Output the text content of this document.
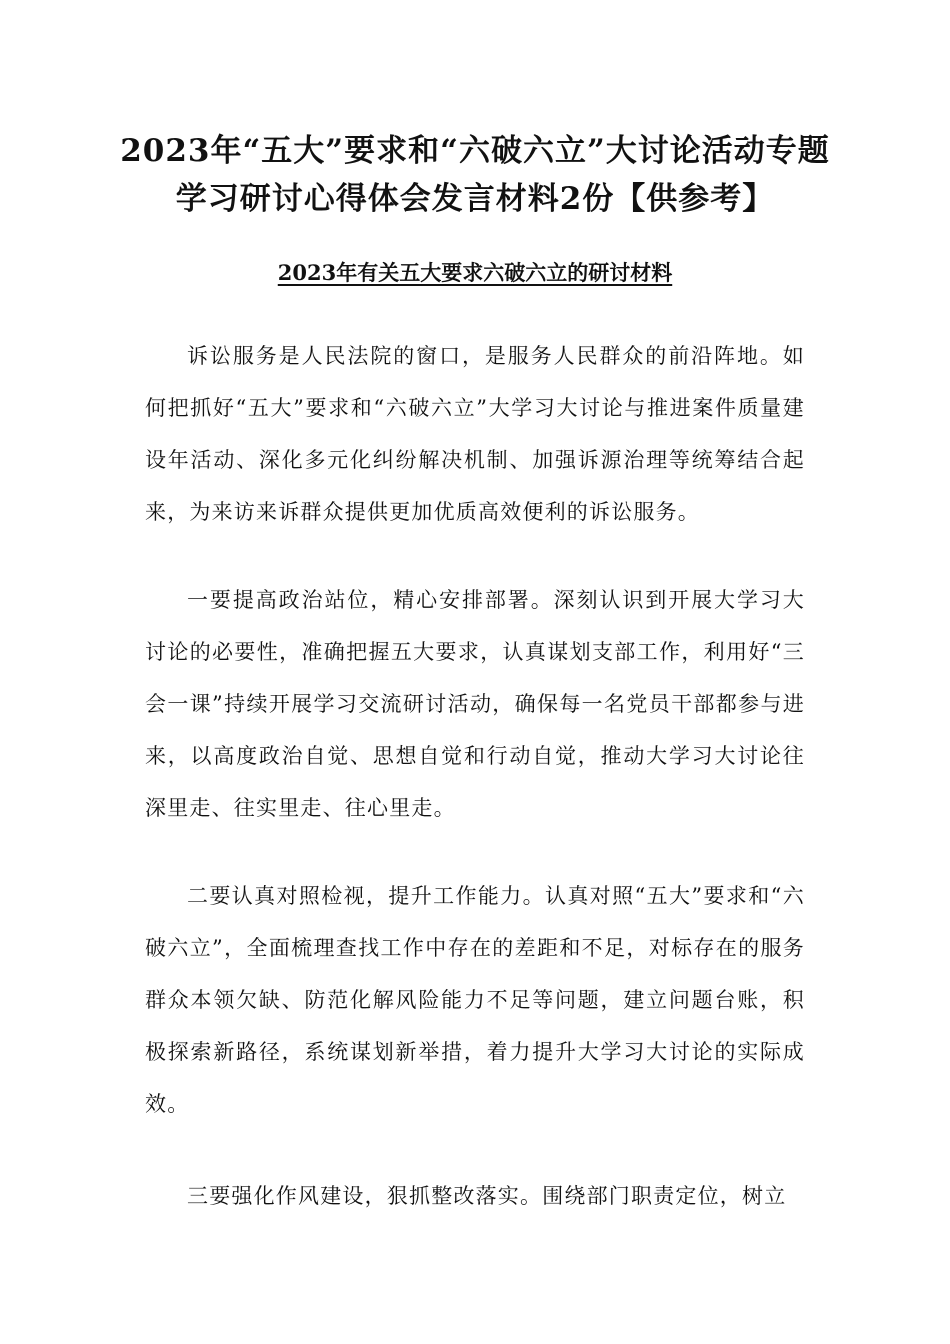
2023年“五大”要求和“六破六立”大讨论活动专题学习研讨心得体会发言材料2份【供参考】
2023年有关五大要求六破六立的研讨材料

诉讼服务是人民法院的窗口，是服务人民群众的前沿阵地。如何把抓好“五大”要求和“六破六立”大学习大讨论与推进案件质量建设年活动、深化多元化纠纷解决机制、加强诉源治理等统筹结合起来，为来访来诉群众提供更加优质高效便利的诉讼服务。

一要提高政治站位，精心安排部署。深刻认识到开展大学习大讨论的必要性，准确把握五大要求，认真谋划支部工作，利用好“三会一课”持续开展学习交流研讨活动，确保每一名党员干部都参与进来，以高度政治自觉、思想自觉和行动自觉，推动大学习大讨论往深里走、往实里走、往心里走。

二要认真对照检视，提升工作能力。认真对照“五大”要求和“六破六立”，全面梳理查找工作中存在的差距和不足，对标存在的服务群众本领欠缺、防范化解风险能力不足等问题，建立问题台账，积极探索新路径，系统谋划新举措，着力提升大学习大讨论的实际成效。

三要强化作风建设，狠抓整改落实。围绕部门职责定位，树立
